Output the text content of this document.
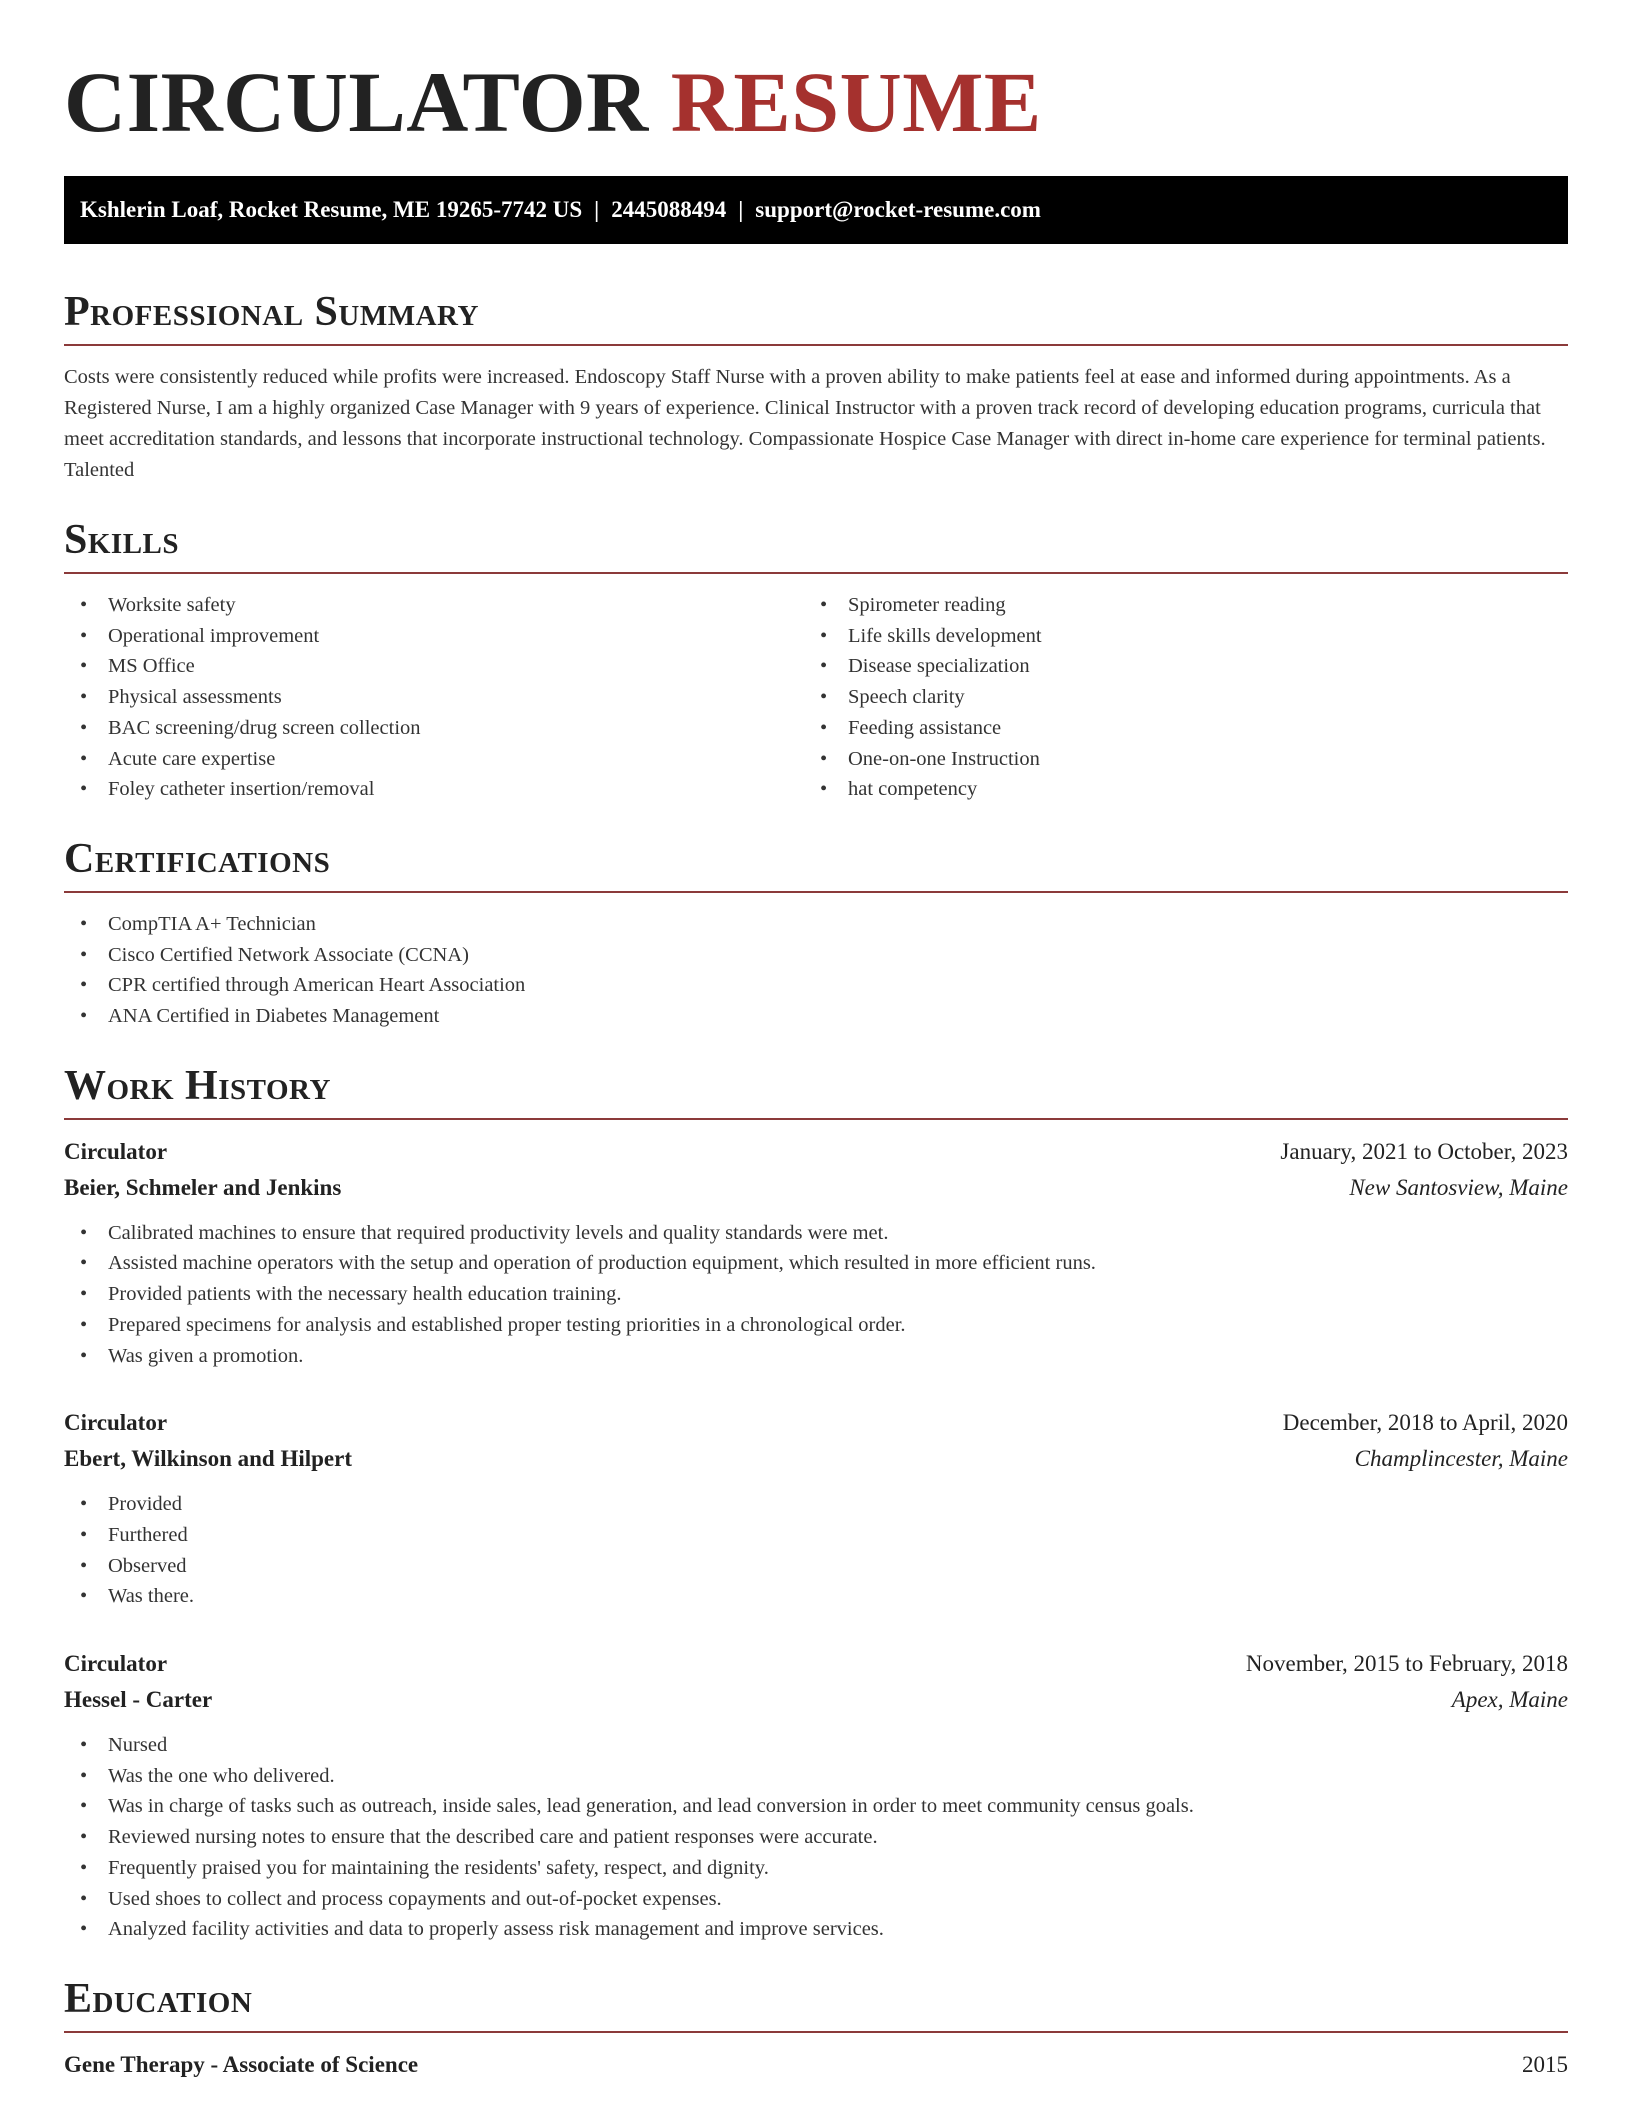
CIRCULATOR RESUME
Kshlerin Loaf, Rocket Resume, ME 19265-7742 US | 2445088494 | support@rocket-resume.com
Professional Summary

Costs were consistently reduced while profits were increased. Endoscopy Staff Nurse with a proven ability to make patients feel at ease and informed during appointments. As a Registered Nurse, I am a highly organized Case Manager with 9 years of experience. Clinical Instructor with a proven track record of developing education programs, curricula that meet accreditation standards, and lessons that incorporate instructional technology. Compassionate Hospice Case Manager with direct in-home care experience for terminal patients. Talented

Skills
• Worksite safety
• Operational improvement
• MS Office
• Physical assessments
• BAC screening/drug screen collection
• Acute care expertise
• Foley catheter insertion/removal
• Spirometer reading
• Life skills development
• Disease specialization
• Speech clarity
• Feeding assistance
• One-on-one Instruction
• hat competency
Certifications
• CompTIA A+ Technician
• Cisco Certified Network Associate (CCNA)
• CPR certified through American Heart Association
• ANA Certified in Diabetes Management
Work History
Circulator	January, 2021 to October, 2023
Beier, Schmeler and Jenkins	New Santosview, Maine
• Calibrated machines to ensure that required productivity levels and quality standards were met.
• Assisted machine operators with the setup and operation of production equipment, which resulted in more efficient runs.
• Provided patients with the necessary health education training.
• Prepared specimens for analysis and established proper testing priorities in a chronological order.
• Was given a promotion.
Circulator	December, 2018 to April, 2020
Ebert, Wilkinson and Hilpert	Champlincester, Maine
• Provided
• Furthered
• Observed
• Was there.
Circulator	November, 2015 to February, 2018
Hessel - Carter	Apex, Maine
• Nursed
• Was the one who delivered.
• Was in charge of tasks such as outreach, inside sales, lead generation, and lead conversion in order to meet community census goals.
• Reviewed nursing notes to ensure that the described care and patient responses were accurate.
• Frequently praised you for maintaining the residents' safety, respect, and dignity.
• Used shoes to collect and process copayments and out-of-pocket expenses.
• Analyzed facility activities and data to properly assess risk management and improve services.
Education
Gene Therapy - Associate of Science	2015
